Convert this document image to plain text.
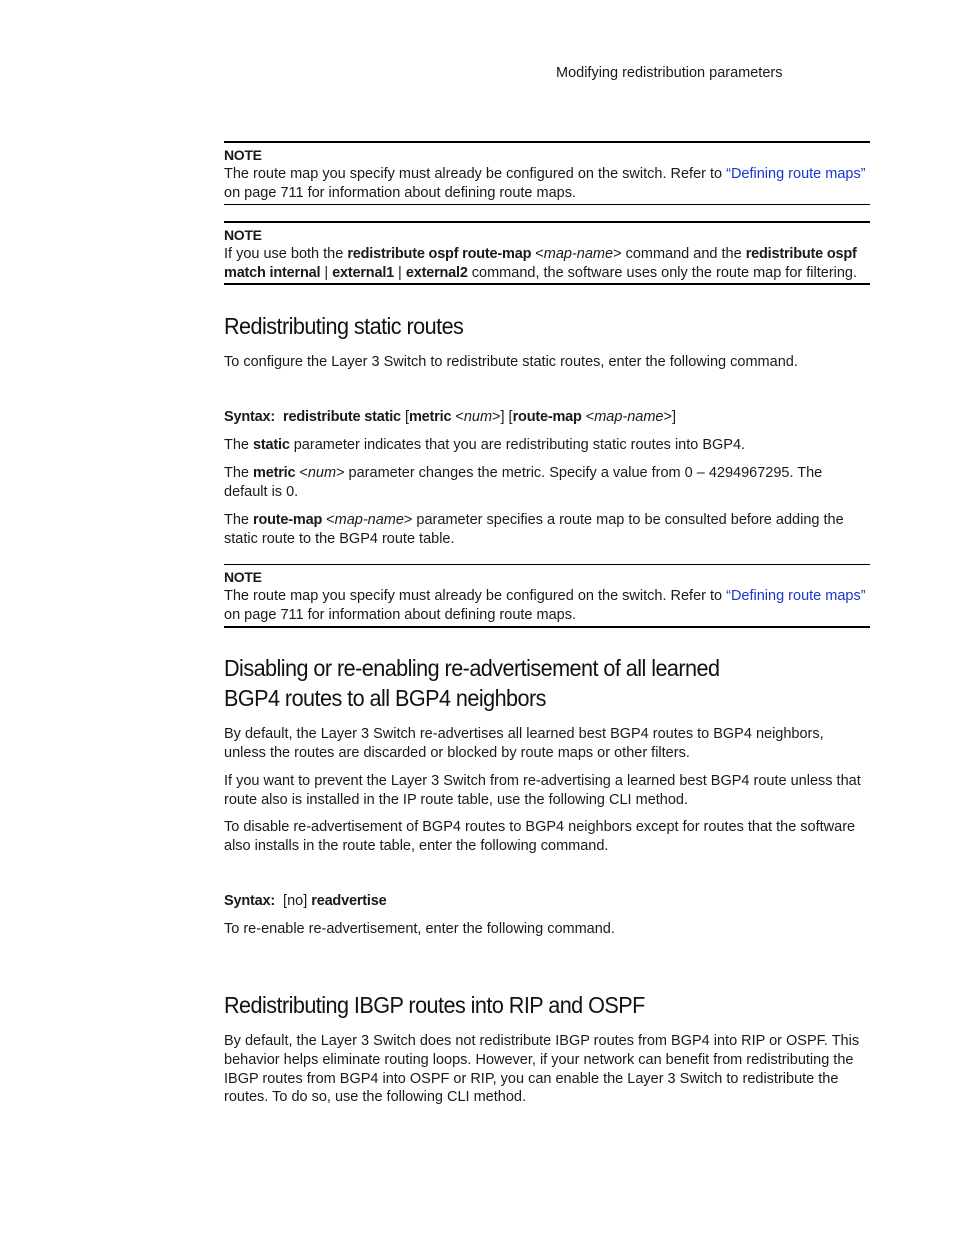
Modifying redistribution parameters
NOTE
The route map you specify must already be configured on the switch. Refer to “Defining route maps”
on page 711 for information about defining route maps.
NOTE
If you use both the redistribute ospf route-map <map-name> command and the redistribute ospf
match internal | external1 | external2 command, the software uses only the route map for filtering.
Redistributing static routes

To configure the Layer 3 Switch to redistribute static routes, enter the following command.

Syntax: redistribute static [metric <num>] [route-map <map-name>]

The static parameter indicates that you are redistributing static routes into BGP4.

The metric <num> parameter changes the metric. Specify a value from 0 – 4294967295. The
default is 0.

The route-map <map-name> parameter specifies a route map to be consulted before adding the
static route to the BGP4 route table.

NOTE
The route map you specify must already be configured on the switch. Refer to “Defining route maps”
on page 711 for information about defining route maps.
Disabling or re-enabling re-advertisement of all learned
BGP4 routes to all BGP4 neighbors

By default, the Layer 3 Switch re-advertises all learned best BGP4 routes to BGP4 neighbors,
unless the routes are discarded or blocked by route maps or other filters.

If you want to prevent the Layer 3 Switch from re-advertising a learned best BGP4 route unless that
route also is installed in the IP route table, use the following CLI method.

To disable re-advertisement of BGP4 routes to BGP4 neighbors except for routes that the software
also installs in the route table, enter the following command.

Syntax: [no] readvertise

To re-enable re-advertisement, enter the following command.

Redistributing IBGP routes into RIP and OSPF

By default, the Layer 3 Switch does not redistribute IBGP routes from BGP4 into RIP or OSPF. This
behavior helps eliminate routing loops. However, if your network can benefit from redistributing the
IBGP routes from BGP4 into OSPF or RIP, you can enable the Layer 3 Switch to redistribute the
routes. To do so, use the following CLI method.
